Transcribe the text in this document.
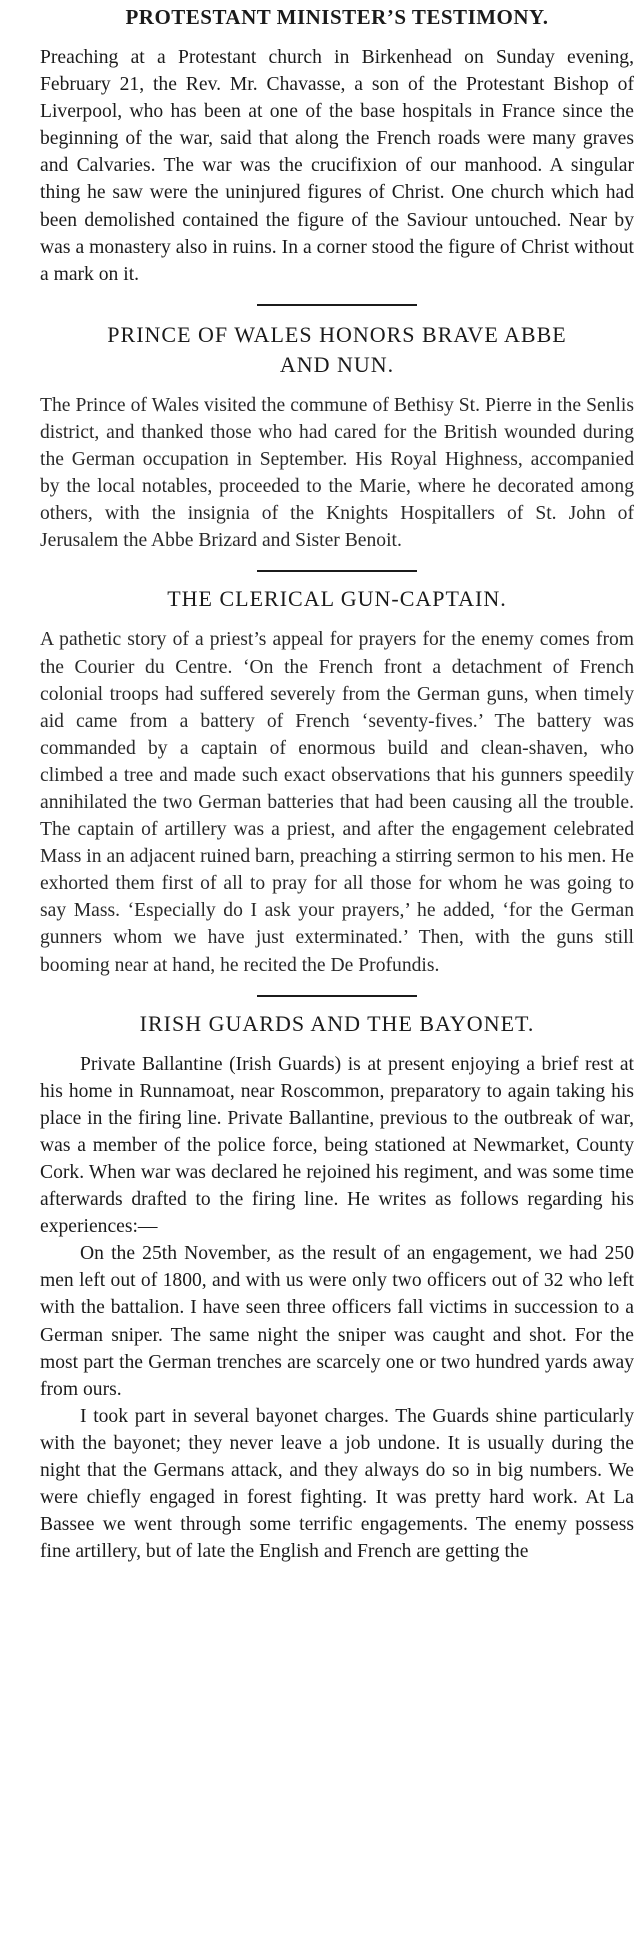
PROTESTANT MINISTER’S TESTIMONY.

Preaching at a Protestant church in Birkenhead on Sunday evening, February 21, the Rev. Mr. Chavasse, a son of the Protestant Bishop of Liverpool, who has been at one of the base hospitals in France since the beginning of the war, said that along the French roads were many graves and Calvaries. The war was the crucifixion of our manhood. A singular thing he saw were the uninjured figures of Christ. One church which had been demolished contained the figure of the Saviour untouched. Near by was a monastery also in ruins. In a corner stood the figure of Christ without a mark on it.

PRINCE OF WALES HONORS BRAVE ABBE AND NUN.

The Prince of Wales visited the commune of Bethisy St. Pierre in the Senlis district, and thanked those who had cared for the British wounded during the German occupation in September. His Royal Highness, accompanied by the local notables, proceeded to the Marie, where he decorated among others, with the insignia of the Knights Hospitallers of St. John of Jerusalem the Abbe Brizard and Sister Benoit.

THE CLERICAL GUN-CAPTAIN.

A pathetic story of a priest’s appeal for prayers for the enemy comes from the Courier du Centre. ‘On the French front a detachment of French colonial troops had suffered severely from the German guns, when timely aid came from a battery of French ‘seventy-fives.’ The battery was commanded by a captain of enormous build and clean-shaven, who climbed a tree and made such exact observations that his gunners speedily annihilated the two German batteries that had been causing all the trouble. The captain of artillery was a priest, and after the engagement celebrated Mass in an adjacent ruined barn, preaching a stirring sermon to his men. He exhorted them first of all to pray for all those for whom he was going to say Mass. ‘Especially do I ask your prayers,’ he added, ‘for the German gunners whom we have just exterminated.’ Then, with the guns still booming near at hand, he recited the De Profundis.

IRISH GUARDS AND THE BAYONET.

Private Ballantine (Irish Guards) is at present enjoying a brief rest at his home in Runnamoat, near Roscommon, preparatory to again taking his place in the firing line. Private Ballantine, previous to the outbreak of war, was a member of the police force, being stationed at Newmarket, County Cork. When war was declared he rejoined his regiment, and was some time afterwards drafted to the firing line. He writes as follows regarding his experiences:—

On the 25th November, as the result of an engagement, we had 250 men left out of 1800, and with us were only two officers out of 32 who left with the battalion. I have seen three officers fall victims in succession to a German sniper. The same night the sniper was caught and shot. For the most part the German trenches are scarcely one or two hundred yards away from ours.

I took part in several bayonet charges. The Guards shine particularly with the bayonet; they never leave a job undone. It is usually during the night that the Germans attack, and they always do so in big numbers. We were chiefly engaged in forest fighting. It was pretty hard work. At La Bassee we went through some terrific engagements. The enemy possess fine artillery, but of late the English and French are getting the
